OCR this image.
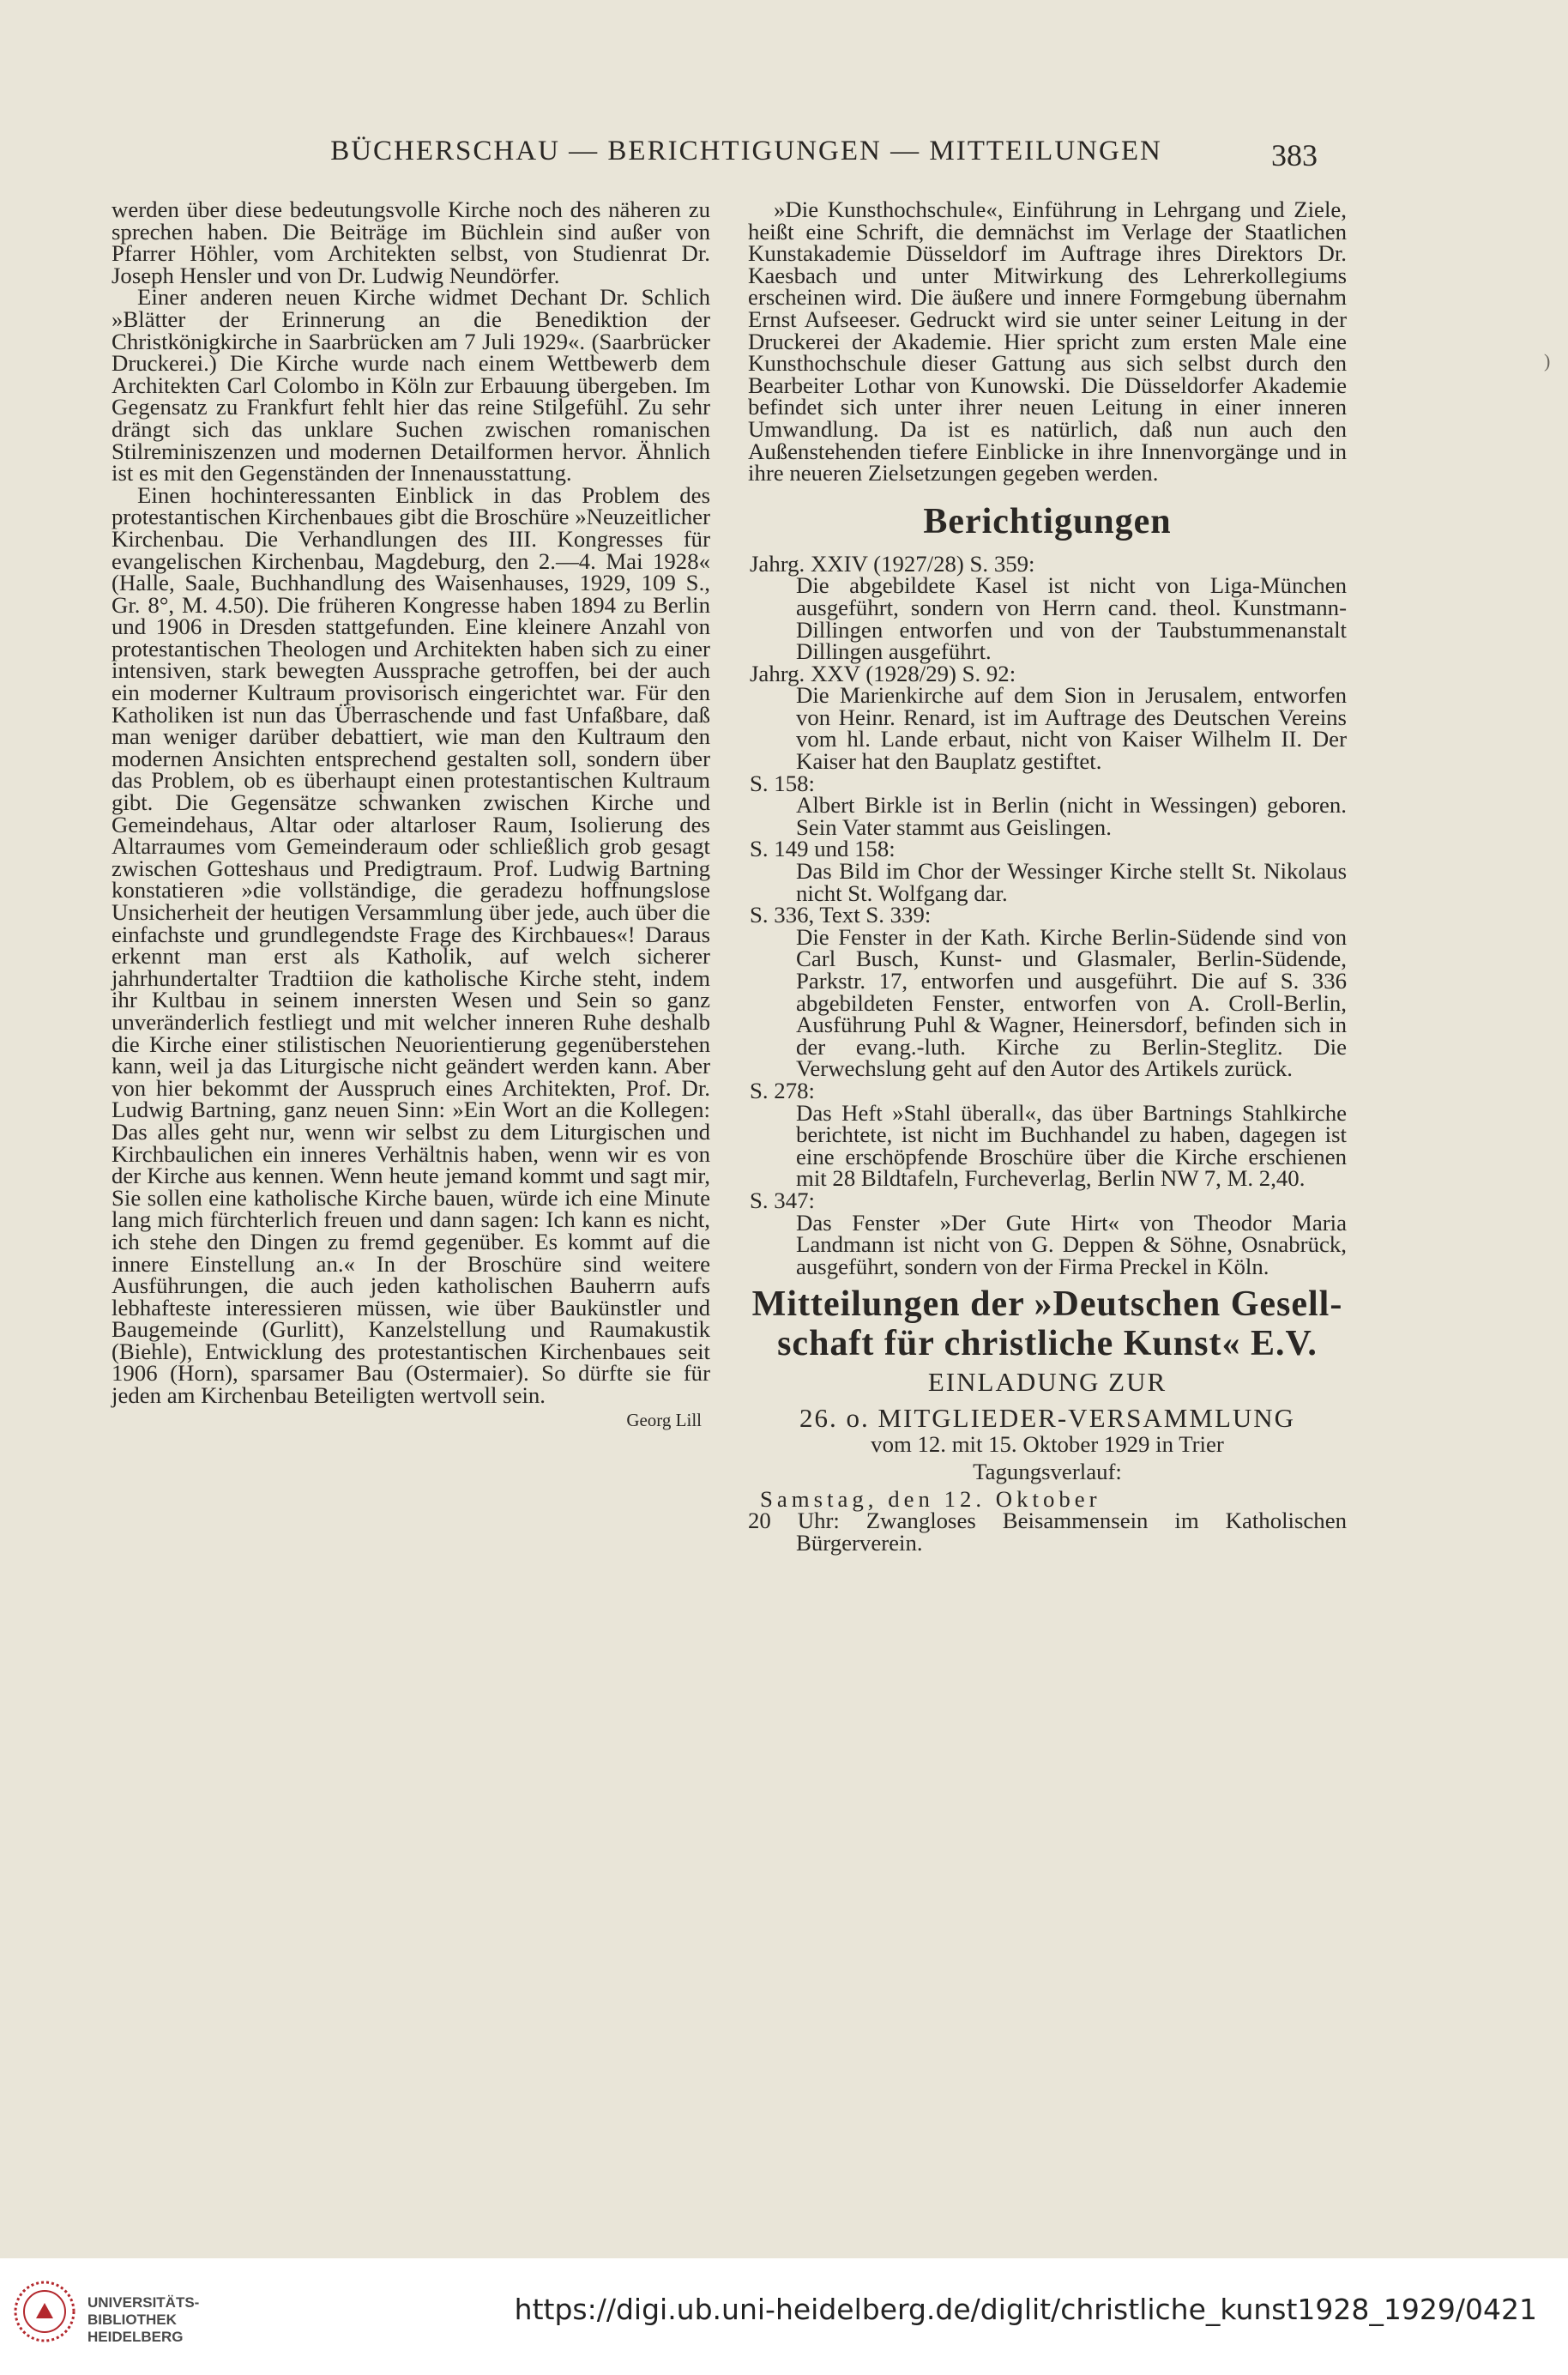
BÜCHERSCHAU — BERICHTIGUNGEN — MITTEILUNGEN	383
)

werden über diese bedeutungsvolle Kirche noch des näheren zu sprechen haben. Die Beiträge im Büchlein sind außer von Pfarrer Höhler, vom Architekten selbst, von Studienrat Dr. Joseph Hensler und von Dr. Ludwig Neundörfer.

Einer anderen neuen Kirche widmet Dechant Dr. Schlich »Blätter der Erinnerung an die Benediktion der Christkönigkirche in Saarbrücken am 7 Juli 1929«. (Saarbrücker Druckerei.) Die Kirche wurde nach einem Wettbewerb dem Architekten Carl Colombo in Köln zur Erbauung übergeben. Im Gegensatz zu Frankfurt fehlt hier das reine Stilgefühl. Zu sehr drängt sich das unklare Suchen zwischen romanischen Stilreminiszenzen und modernen Detailformen hervor. Ähnlich ist es mit den Gegenständen der Innenausstattung.

Einen hochinteressanten Einblick in das Problem des protestantischen Kirchenbaues gibt die Broschüre »Neuzeitlicher Kirchenbau. Die Verhandlungen des III. Kongresses für evangelischen Kirchenbau, Magdeburg, den 2.—4. Mai 1928« (Halle, Saale, Buchhandlung des Waisenhauses, 1929, 109 S., Gr. 8°, M. 4.50). Die früheren Kongresse haben 1894 zu Berlin und 1906 in Dresden stattgefunden. Eine kleinere Anzahl von protestantischen Theologen und Architekten haben sich zu einer intensiven, stark bewegten Aussprache getroffen, bei der auch ein moderner Kultraum provisorisch eingerichtet war. Für den Katholiken ist nun das Überraschende und fast Unfaßbare, daß man weniger darüber debattiert, wie man den Kultraum den modernen Ansichten entsprechend gestalten soll, sondern über das Problem, ob es überhaupt einen protestantischen Kultraum gibt. Die Gegensätze schwanken zwischen Kirche und Gemeindehaus, Altar oder altarloser Raum, Isolierung des Altarraumes vom Gemeinderaum oder schließlich grob gesagt zwischen Gotteshaus und Predigtraum. Prof. Ludwig Bartning konstatieren »die vollständige, die geradezu hoffnungslose Unsicherheit der heutigen Versammlung über jede, auch über die einfachste und grundlegendste Frage des Kirchbaues«! Daraus erkennt man erst als Katholik, auf welch sicherer jahrhundertalter Tradtiion die katholische Kirche steht, indem ihr Kultbau in seinem innersten Wesen und Sein so ganz unveränderlich festliegt und mit welcher inneren Ruhe deshalb die Kirche einer stilistischen Neuorientierung gegenüberstehen kann, weil ja das Liturgische nicht geändert werden kann. Aber von hier bekommt der Ausspruch eines Architekten, Prof. Dr. Ludwig Bartning, ganz neuen Sinn: »Ein Wort an die Kollegen: Das alles geht nur, wenn wir selbst zu dem Liturgischen und Kirchbaulichen ein inneres Verhältnis haben, wenn wir es von der Kirche aus kennen. Wenn heute jemand kommt und sagt mir, Sie sollen eine katholische Kirche bauen, würde ich eine Minute lang mich fürchterlich freuen und dann sagen: Ich kann es nicht, ich stehe den Dingen zu fremd gegenüber. Es kommt auf die innere Einstellung an.« In der Broschüre sind weitere Ausführungen, die auch jeden katholischen Bauherrn aufs lebhafteste interessieren müssen, wie über Baukünstler und Baugemeinde (Gurlitt), Kanzelstellung und Raumakustik (Biehle), Entwicklung des protestantischen Kirchenbaues seit 1906 (Horn), sparsamer Bau (Ostermaier). So dürfte sie für jeden am Kirchenbau Beteiligten wertvoll sein.

Georg Lill

»Die Kunsthochschule«, Einführung in Lehrgang und Ziele, heißt eine Schrift, die demnächst im Verlage der Staatlichen Kunstakademie Düsseldorf im Auftrage ihres Direktors Dr. Kaesbach und unter Mitwirkung des Lehrerkollegiums erscheinen wird. Die äußere und innere Formgebung übernahm Ernst Aufseeser. Gedruckt wird sie unter seiner Leitung in der Druckerei der Akademie. Hier spricht zum ersten Male eine Kunsthochschule dieser Gattung aus sich selbst durch den Bearbeiter Lothar von Kunowski. Die Düsseldorfer Akademie befindet sich unter ihrer neuen Leitung in einer inneren Umwandlung. Da ist es natürlich, daß nun auch den Außenstehenden tiefere Einblicke in ihre Innenvorgänge und in ihre neueren Zielsetzungen gegeben werden.

Berichtigungen
Jahrg. XXIV (1927/28) S. 359:
Die abgebildete Kasel ist nicht von Liga-München ausgeführt, sondern von Herrn cand. theol. Kunstmann-Dillingen entworfen und von der Taubstummenanstalt Dillingen ausgeführt.
Jahrg. XXV (1928/29) S. 92:
Die Marienkirche auf dem Sion in Jerusalem, entworfen von Heinr. Renard, ist im Auftrage des Deutschen Vereins vom hl. Lande erbaut, nicht von Kaiser Wilhelm II. Der Kaiser hat den Bauplatz gestiftet.
S. 158:
Albert Birkle ist in Berlin (nicht in Wessingen) geboren. Sein Vater stammt aus Geislingen.
S. 149 und 158:
Das Bild im Chor der Wessinger Kirche stellt St. Nikolaus nicht St. Wolfgang dar.
S. 336, Text S. 339:
Die Fenster in der Kath. Kirche Berlin-Südende sind von Carl Busch, Kunst- und Glasmaler, Berlin-Südende, Parkstr. 17, entworfen und ausgeführt. Die auf S. 336 abgebildeten Fenster, entworfen von A. Croll-Berlin, Ausführung Puhl & Wagner, Heinersdorf, befinden sich in der evang.-luth. Kirche zu Berlin-Steglitz. Die Verwechslung geht auf den Autor des Artikels zurück.
S. 278:
Das Heft »Stahl überall«, das über Bartnings Stahlkirche berichtete, ist nicht im Buchhandel zu haben, dagegen ist eine erschöpfende Broschüre über die Kirche erschienen mit 28 Bildtafeln, Furcheverlag, Berlin NW 7, M. 2,40.
S. 347:
Das Fenster »Der Gute Hirt« von Theodor Maria Landmann ist nicht von G. Deppen & Söhne, Osnabrück, ausgeführt, sondern von der Firma Preckel in Köln.
Mitteilungen der »Deutschen Gesell-
schaft für christliche Kunst« E.V.
EINLADUNG ZUR
26. o. MITGLIEDER-VERSAMMLUNG
vom 12. mit 15. Oktober 1929 in Trier
Tagungsverlauf:
Samstag, den 12. Oktober
20 Uhr: Zwangloses Beisammensein im Katholischen Bürgerverein.
UNIVERSITÄTS-
BIBLIOTHEK
HEIDELBERG
https://digi.ub.uni-heidelberg.de/diglit/christliche_kunst1928_1929/0421
